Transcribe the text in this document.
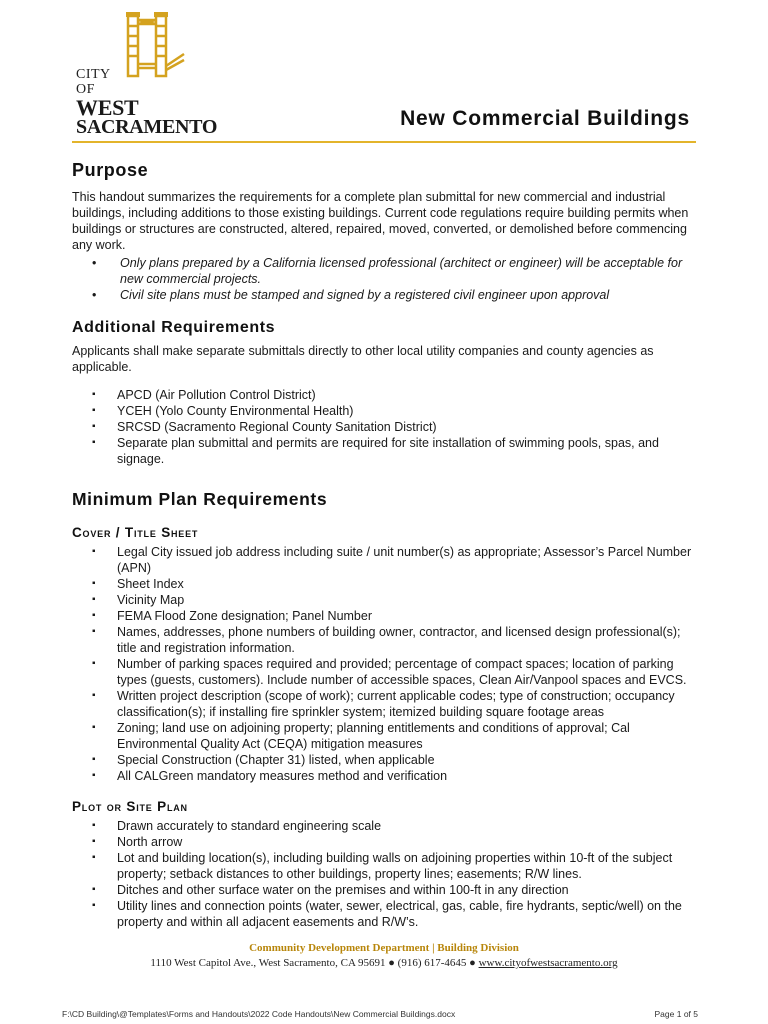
CITY
OF
WEST
SACRAMENTO	New Commercial Buildings
Purpose

This handout summarizes the requirements for a complete plan submittal for new commercial and industrial buildings, including additions to those existing buildings. Current code regulations require building permits when buildings or structures are constructed, altered, repaired, moved, converted, or demolished before commencing any work.

• Only plans prepared by a California licensed professional (architect or engineer) will be acceptable for new commercial projects.
• Civil site plans must be stamped and signed by a registered civil engineer upon approval
Additional Requirements

Applicants shall make separate submittals directly to other local utility companies and county agencies as applicable.

▪ APCD (Air Pollution Control District)
▪ YCEH (Yolo County Environmental Health)
▪ SRCSD (Sacramento Regional County Sanitation District)
▪ Separate plan submittal and permits are required for site installation of swimming pools, spas, and signage.
Minimum Plan Requirements
Cover / Title Sheet
▪ Legal City issued job address including suite / unit number(s) as appropriate; Assessor’s Parcel Number (APN)
▪ Sheet Index
▪ Vicinity Map
▪ FEMA Flood Zone designation; Panel Number
▪ Names, addresses, phone numbers of building owner, contractor, and licensed design professional(s); title and registration information.
▪ Number of parking spaces required and provided; percentage of compact spaces; location of parking types (guests, customers). Include number of accessible spaces, Clean Air/Vanpool spaces and EVCS.
▪ Written project description (scope of work); current applicable codes; type of construction; occupancy classification(s); if installing fire sprinkler system; itemized building square footage areas
▪ Zoning; land use on adjoining property; planning entitlements and conditions of approval; Cal Environmental Quality Act (CEQA) mitigation measures
▪ Special Construction (Chapter 31) listed, when applicable
▪ All CALGreen mandatory measures method and verification
Plot or Site Plan
▪ Drawn accurately to standard engineering scale
▪ North arrow
▪ Lot and building location(s), including building walls on adjoining properties within 10-ft of the subject property; setback distances to other buildings, property lines; easements; R/W lines.
▪ Ditches and other surface water on the premises and within 100-ft in any direction
▪ Utility lines and connection points (water, sewer, electrical, gas, cable, fire hydrants, septic/well) on the property and within all adjacent easements and R/W’s.
Community Development Department | Building Division
1110 West Capitol Ave., West Sacramento, CA 95691 ● (916) 617-4645 ● www.cityofwestsacramento.org
F:\CD Building\@Templates\Forms and Handouts\2022 Code Handouts\New Commercial Buildings.docx	Page 1 of 5
